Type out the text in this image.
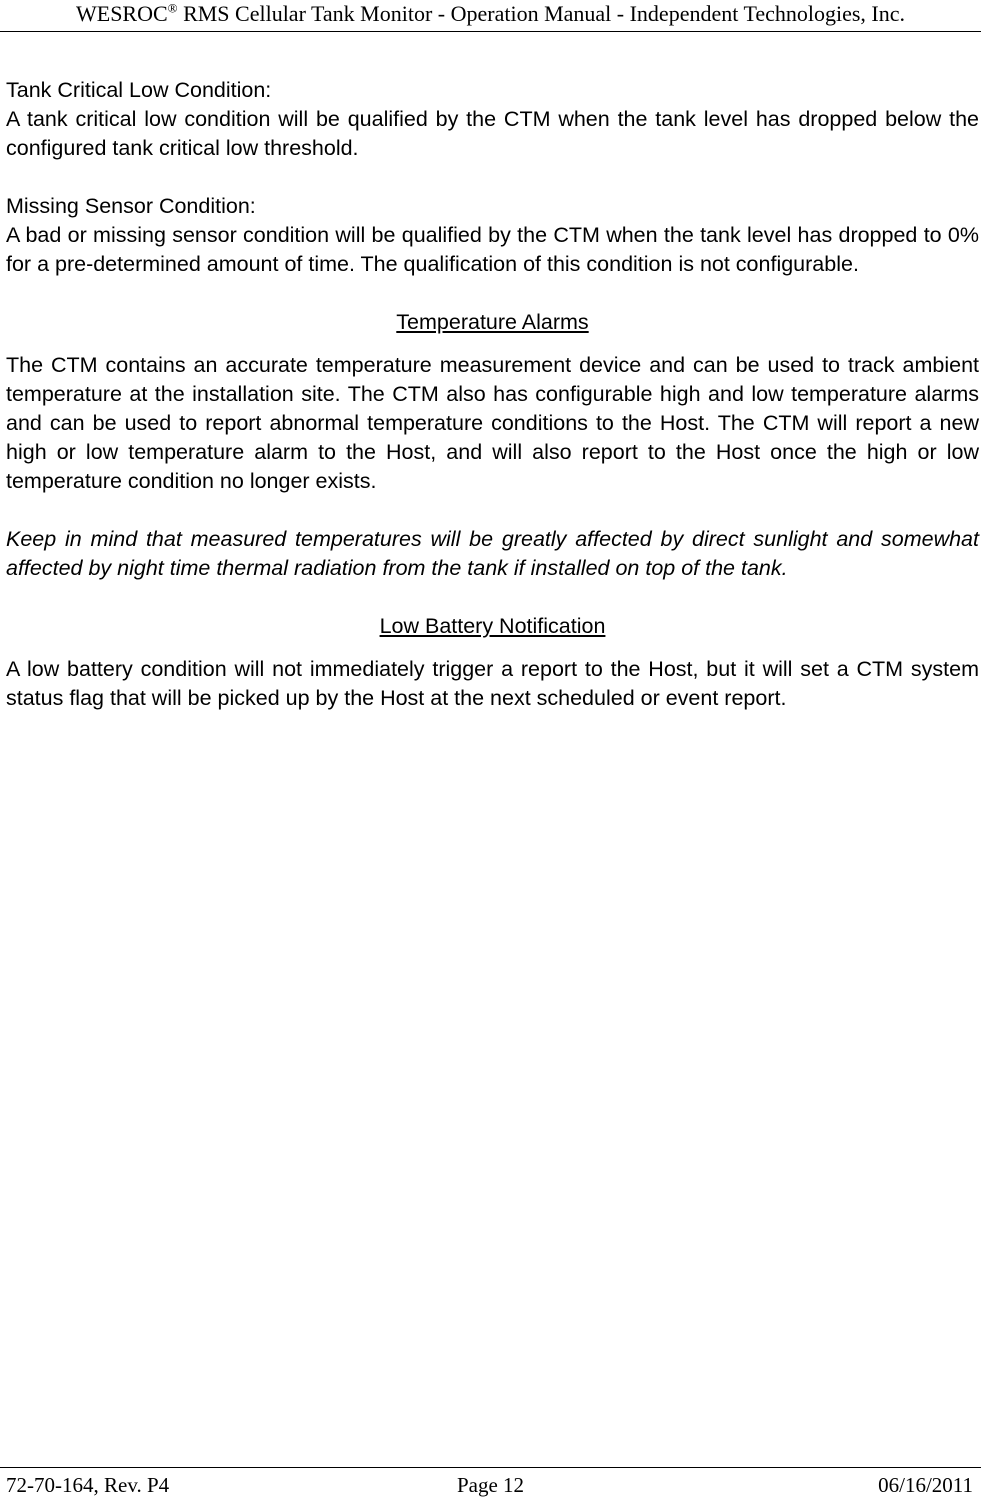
WESROC® RMS Cellular Tank Monitor - Operation Manual - Independent Technologies, Inc.
Tank Critical Low Condition:

A tank critical low condition will be qualified by the CTM when the tank level has dropped below the configured tank critical low threshold.

Missing Sensor Condition:

A bad or missing sensor condition will be qualified by the CTM when the tank level has dropped to 0% for a pre-determined amount of time. The qualification of this condition is not configurable.

Temperature Alarms

The CTM contains an accurate temperature measurement device and can be used to track ambient temperature at the installation site. The CTM also has configurable high and low temperature alarms and can be used to report abnormal temperature conditions to the Host. The CTM will report a new high or low temperature alarm to the Host, and will also report to the Host once the high or low temperature condition no longer exists.

Keep in mind that measured temperatures will be greatly affected by direct sunlight and somewhat affected by night time thermal radiation from the tank if installed on top of the tank.

Low Battery Notification

A low battery condition will not immediately trigger a report to the Host, but it will set a CTM system status flag that will be picked up by the Host at the next scheduled or event report.

72-70-164, Rev. P4	Page 12	06/16/2011
